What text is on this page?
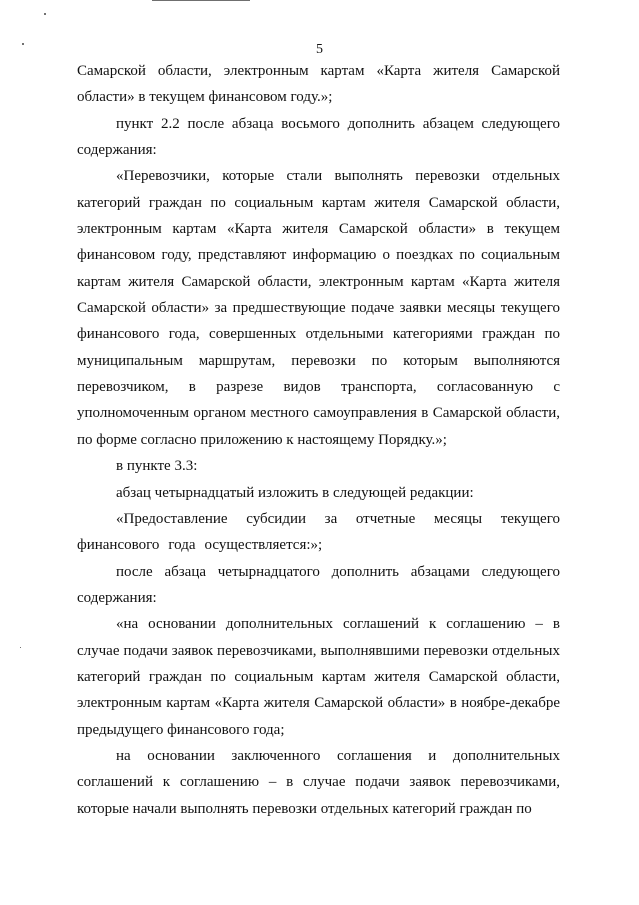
5

Самарской области, электронным картам «Карта жителя Самарской области» в текущем финансовом году.»;

пункт 2.2 после абзаца восьмого дополнить абзацем следующего содержания:

«Перевозчики, которые стали выполнять перевозки отдельных категорий граждан по социальным картам жителя Самарской области, электронным картам «Карта жителя Самарской области» в текущем финансовом году, представляют информацию о поездках по социальным картам жителя Самарской области, электронным картам «Карта жителя Самарской области» за предшествующие подаче заявки месяцы текущего финансового года, совершенных отдельными категориями граждан по муниципальным маршрутам, перевозки по которым выполняются перевозчиком, в разрезе видов транспорта, согласованную с уполномоченным органом местного самоуправления в Самарской области, по форме согласно приложению к настоящему Порядку.»;

в пункте 3.3:

абзац четырнадцатый изложить в следующей редакции:

«Предоставление субсидии за отчетные месяцы текущего финансового года осуществляется:»;

после абзаца четырнадцатого дополнить абзацами следующего содержания:

«на основании дополнительных соглашений к соглашению – в случае подачи заявок перевозчиками, выполнявшими перевозки отдельных категорий граждан по социальным картам жителя Самарской области, электронным картам «Карта жителя Самарской области» в ноябре-декабре предыдущего финансового года;

на основании заключенного соглашения и дополнительных соглашений к соглашению – в случае подачи заявок перевозчиками, которые начали выполнять перевозки отдельных категорий граждан по
